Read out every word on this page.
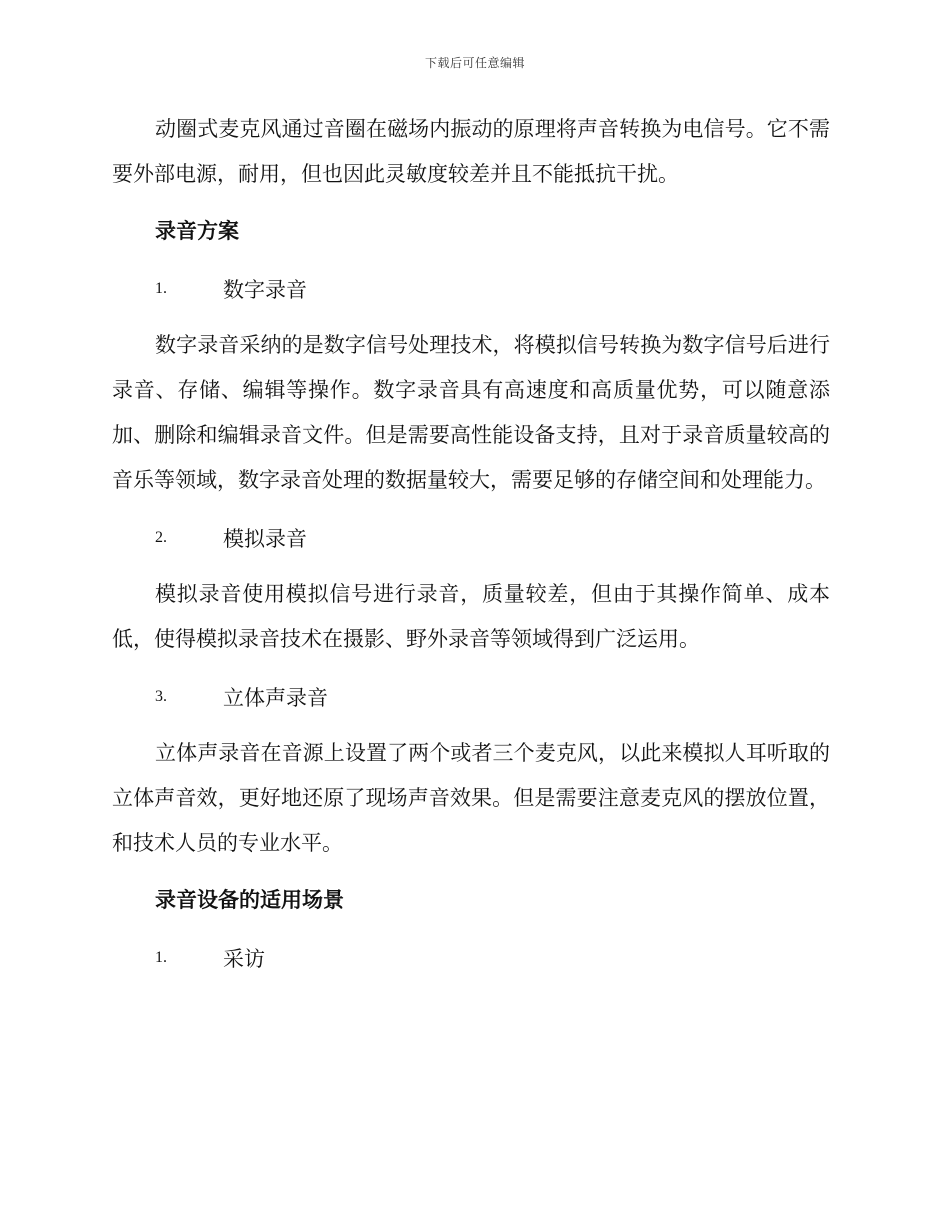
下载后可任意编辑

动圈式麦克风通过音圈在磁场内振动的原理将声音转换为电信号。它不需要外部电源，耐用，但也因此灵敏度较差并且不能抵抗干扰。

录音方案
1.	数字录音

数字录音采纳的是数字信号处理技术，将模拟信号转换为数字信号后进行录音、存储、编辑等操作。数字录音具有高速度和高质量优势，可以随意添加、删除和编辑录音文件。但是需要高性能设备支持，且对于录音质量较高的音乐等领域，数字录音处理的数据量较大，需要足够的存储空间和处理能力。

2.	模拟录音

模拟录音使用模拟信号进行录音，质量较差，但由于其操作简单、成本低，使得模拟录音技术在摄影、野外录音等领域得到广泛运用。

3.	立体声录音

立体声录音在音源上设置了两个或者三个麦克风，以此来模拟人耳听取的立体声音效，更好地还原了现场声音效果。但是需要注意麦克风的摆放位置，和技术人员的专业水平。

录音设备的适用场景
1.	采访
